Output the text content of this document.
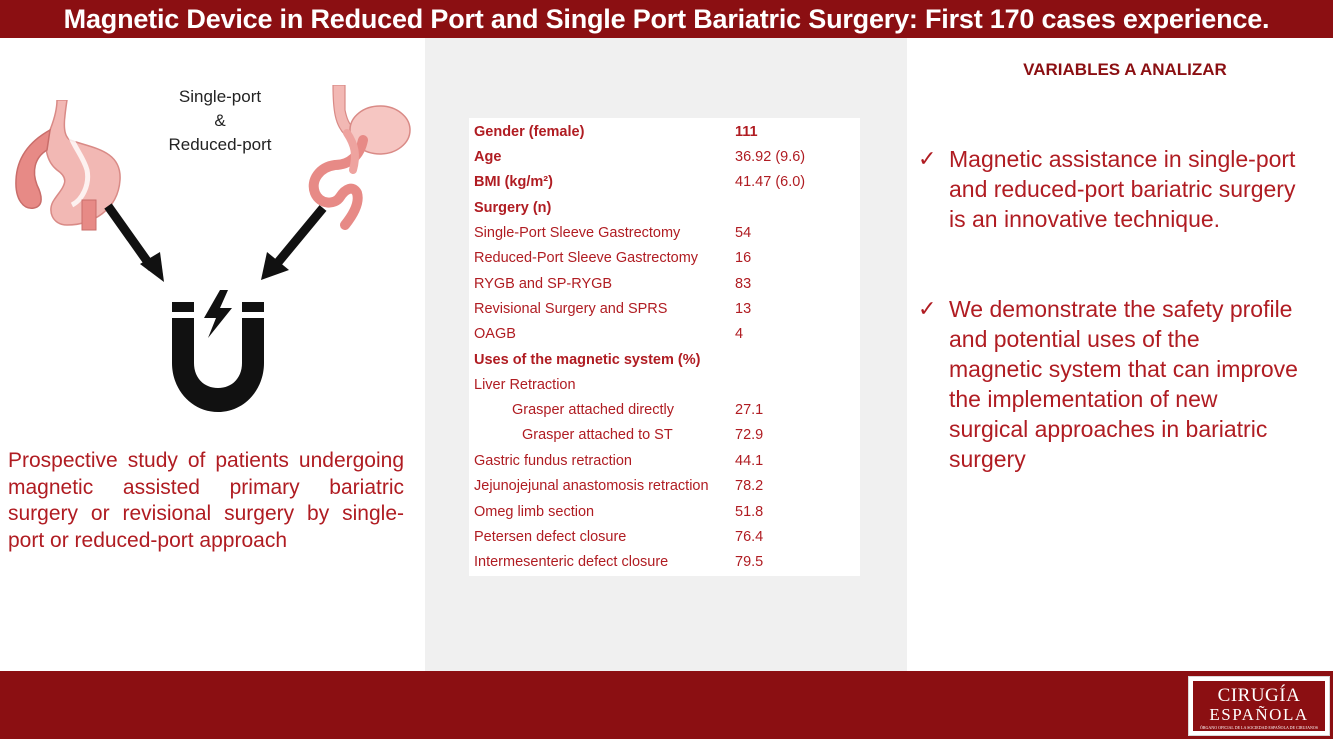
Magnetic Device in Reduced Port and Single Port Bariatric Surgery: First 170 cases experience.
Single-port
&
Reduced-port
Prospective study of patients undergoing magnetic assisted primary bariatric surgery or revisional surgery by single-port or reduced-port approach
Gender (female)	111
Age	36.92 (9.6)
BMI (kg/m²)	41.47 (6.0)
Surgery (n)
Single-Port Sleeve Gastrectomy	54
Reduced-Port Sleeve Gastrectomy	16
RYGB and SP-RYGB	83
Revisional Surgery and SPRS	13
OAGB	4
Uses of the magnetic system (%)
Liver Retraction
Grasper attached directly	27.1
Grasper attached to ST	72.9
Gastric fundus retraction	44.1
Jejunojejunal anastomosis retraction 78.2
Omeg limb section	51.8
Petersen defect closure	76.4
Intermesenteric defect closure	79.5
VARIABLES A ANALIZAR
✓ Magnetic assistance in single-port and reduced-port bariatric surgery is an innovative technique.
✓ We demonstrate the safety profile and potential uses of the magnetic system that can improve the implementation of new surgical approaches in bariatric surgery
CIRUGÍA
ESPAÑOLA
ÓRGANO OFICIAL DE LA SOCIEDAD ESPAÑOLA DE CIRUJANOS
